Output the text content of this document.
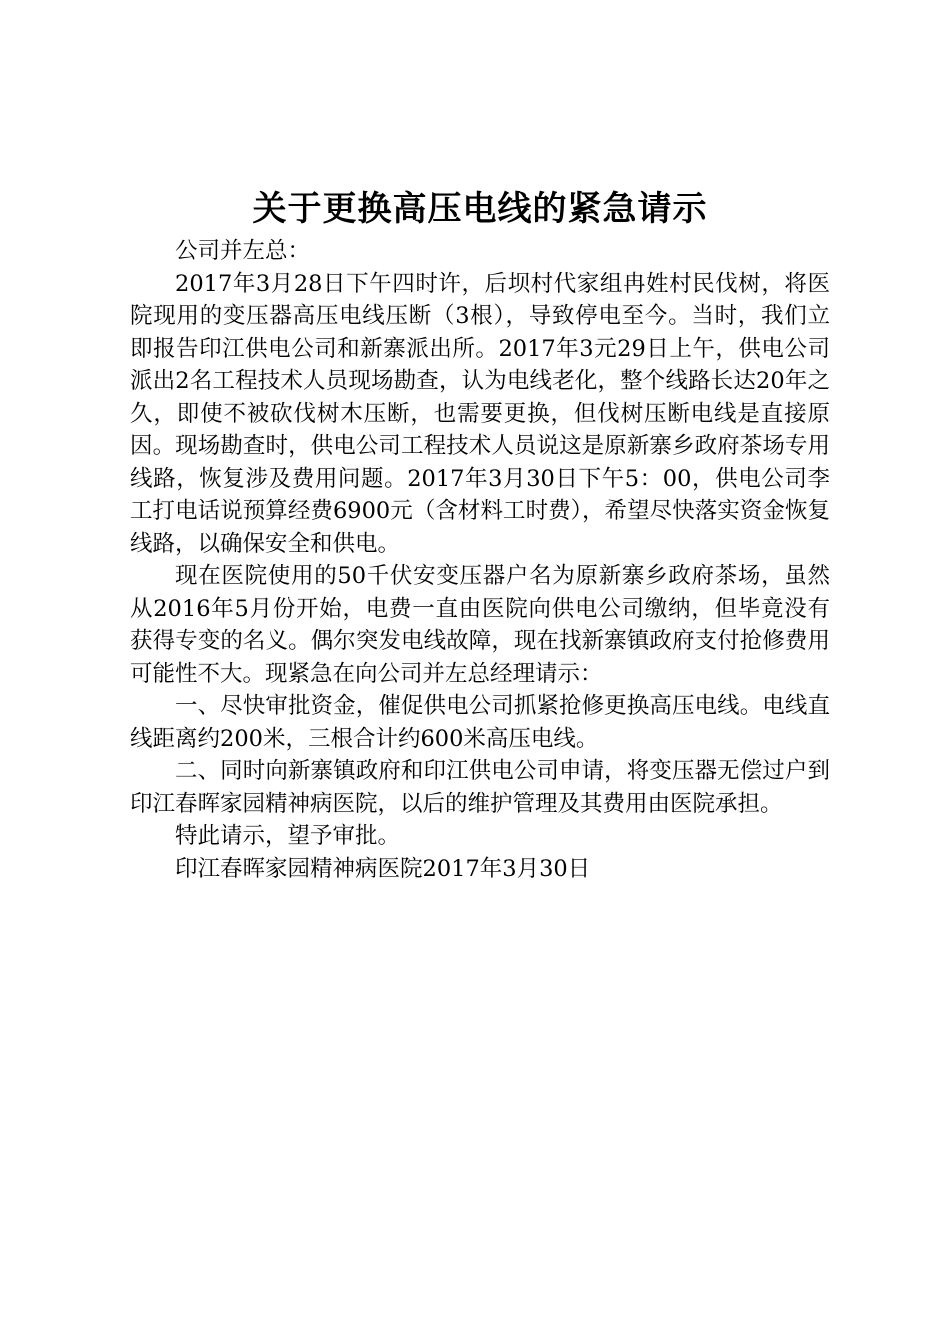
关于更换高压电线的紧急请示

公司并左总：

2017年3月28日下午四时许，后坝村代家组冉姓村民伐树，将医院现用的变压器高压电线压断（3根），导致停电至今。当时，我们立即报告印江供电公司和新寨派出所。2017年3元29日上午，供电公司派出2名工程技术人员现场勘查，认为电线老化，整个线路长达20年之久，即使不被砍伐树木压断，也需要更换，但伐树压断电线是直接原因。现场勘查时，供电公司工程技术人员说这是原新寨乡政府茶场专用线路，恢复涉及费用问题。2017年3月30日下午5：00，供电公司李工打电话说预算经费6900元（含材料工时费），希望尽快落实资金恢复线路，以确保安全和供电。

现在医院使用的50千伏安变压器户名为原新寨乡政府茶场，虽然从2016年5月份开始，电费一直由医院向供电公司缴纳，但毕竟没有获得专变的名义。偶尔突发电线故障，现在找新寨镇政府支付抢修费用可能性不大。现紧急在向公司并左总经理请示：

一、尽快审批资金，催促供电公司抓紧抢修更换高压电线。电线直线距离约200米，三根合计约600米高压电线。

二、同时向新寨镇政府和印江供电公司申请，将变压器无偿过户到印江春晖家园精神病医院，以后的维护管理及其费用由医院承担。

特此请示，望予审批。

印江春晖家园精神病医院2017年3月30日
